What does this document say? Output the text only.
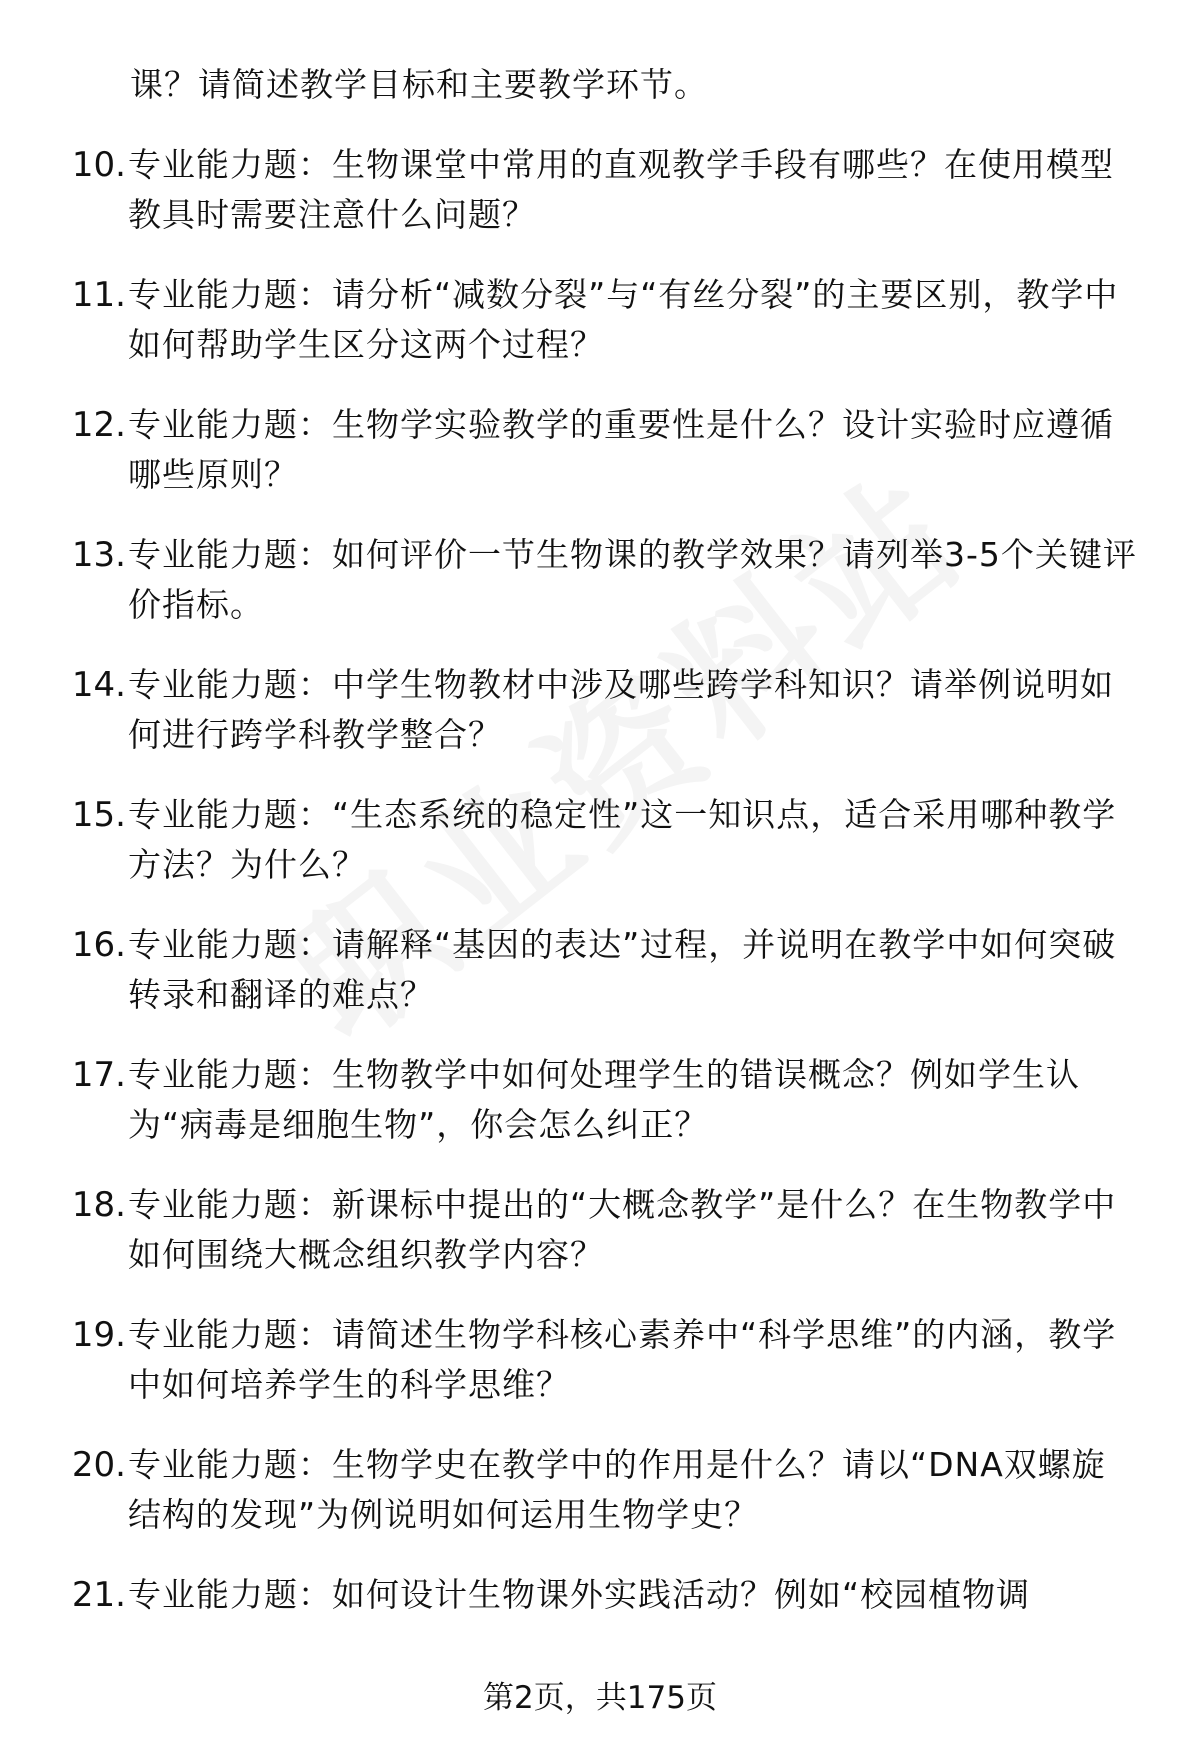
课？请简述教学目标和主要教学环节。
10. 专业能力题：生物课堂中常用的直观教学手段有哪些？在使用模型教具时需要注意什么问题？
11. 专业能力题：请分析“减数分裂”与“有丝分裂”的主要区别，教学中如何帮助学生区分这两个过程？
12. 专业能力题：生物学实验教学的重要性是什么？设计实验时应遵循哪些原则？
13. 专业能力题：如何评价一节生物课的教学效果？请列举3-5个关键评价指标。
14. 专业能力题：中学生物教材中涉及哪些跨学科知识？请举例说明如何进行跨学科教学整合？
15. 专业能力题：“生态系统的稳定性”这一知识点，适合采用哪种教学方法？为什么？
16. 专业能力题：请解释“基因的表达”过程，并说明在教学中如何突破转录和翻译的难点？
17. 专业能力题：生物教学中如何处理学生的错误概念？例如学生认为“病毒是细胞生物”，你会怎么纠正？
18. 专业能力题：新课标中提出的“大概念教学”是什么？在生物教学中如何围绕大概念组织教学内容？
19. 专业能力题：请简述生物学科核心素养中“科学思维”的内涵，教学中如何培养学生的科学思维？
20. 专业能力题：生物学史在教学中的作用是什么？请以“DNA双螺旋结构的发现”为例说明如何运用生物学史？
21. 专业能力题：如何设计生物课外实践活动？例如“校园植物调
第2页，共175页
